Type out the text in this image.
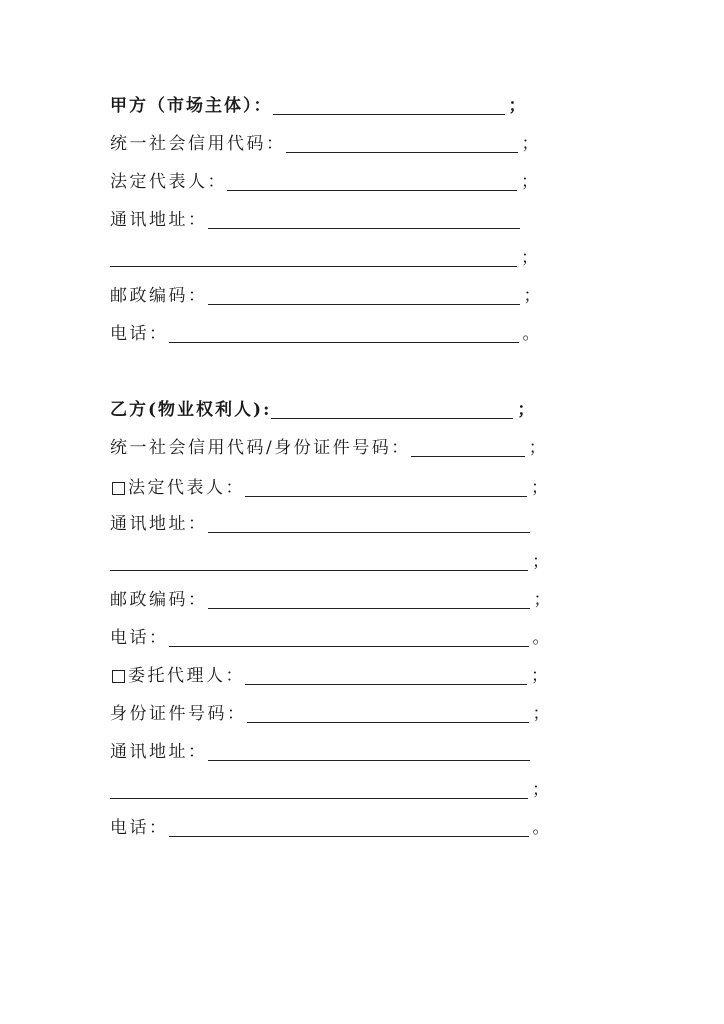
甲方（市场主体）：	；
统一社会信用代码：	；
法定代表人：	；
通讯地址：
；
邮政编码：	；
电话：	。
乙方(物业权利人):	；
统一社会信用代码/身份证件号码：	；
法定代表人：	；
通讯地址：
；
邮政编码：	；
电话：	。
委托代理人：	；
身份证件号码：	；
通讯地址：
；
电话：	。
